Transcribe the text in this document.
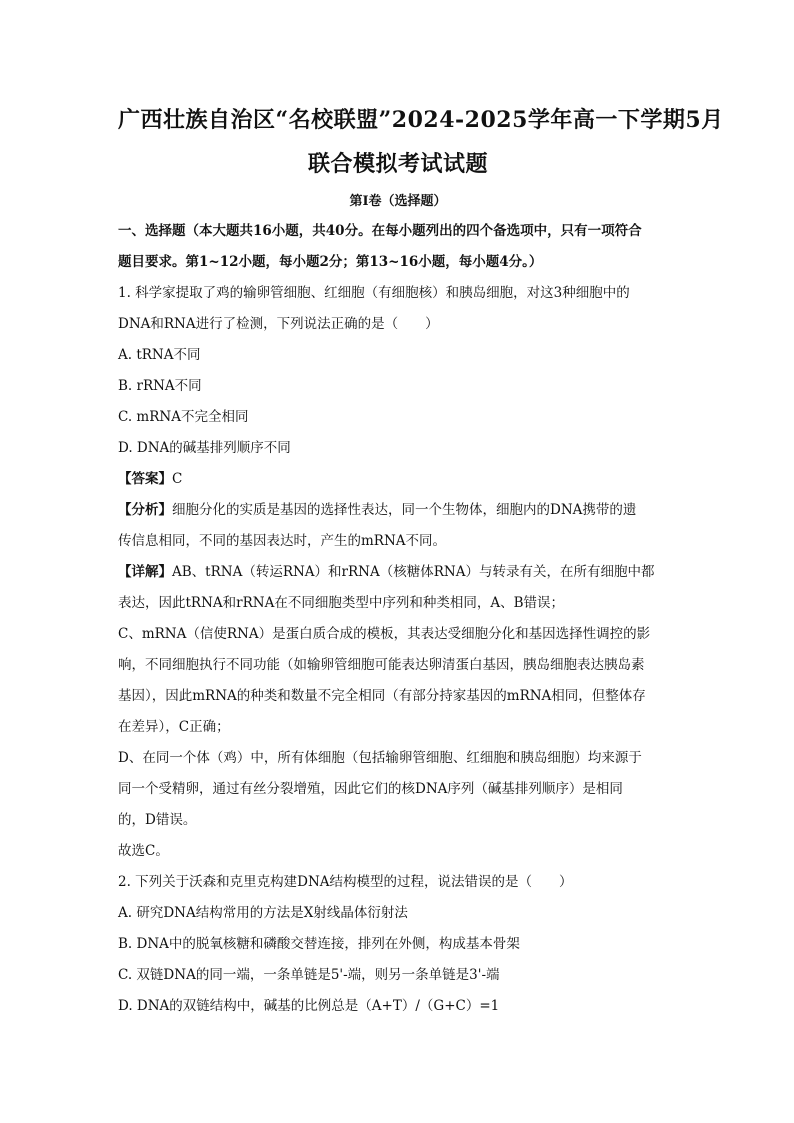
广西壮族自治区“名校联盟”2024-2025学年高一下学期5月
联合模拟考试试题
第Ⅰ卷（选择题）
一、选择题（本大题共16小题，共40分。在每小题列出的四个备选项中，只有一项符合
题目要求。第1~12小题，每小题2分；第13~16小题，每小题4分。）
1. 科学家提取了鸡的输卵管细胞、红细胞（有细胞核）和胰岛细胞，对这3种细胞中的
DNA和RNA进行了检测，下列说法正确的是（　　）
A. tRNA不同
B. rRNA不同
C. mRNA不完全相同
D. DNA的碱基排列顺序不同
【答案】C
【分析】细胞分化的实质是基因的选择性表达，同一个生物体，细胞内的DNA携带的遗
传信息相同，不同的基因表达时，产生的mRNA不同。
【详解】AB、tRNA（转运RNA）和rRNA（核糖体RNA）与转录有关，在所有细胞中都
表达，因此tRNA和rRNA在不同细胞类型中序列和种类相同，A、B错误；
C、mRNA（信使RNA）是蛋白质合成的模板，其表达受细胞分化和基因选择性调控的影
响，不同细胞执行不同功能（如输卵管细胞可能表达卵清蛋白基因，胰岛细胞表达胰岛素
基因），因此mRNA的种类和数量不完全相同（有部分持家基因的mRNA相同，但整体存
在差异），C正确；
D、在同一个体（鸡）中，所有体细胞（包括输卵管细胞、红细胞和胰岛细胞）均来源于
同一个受精卵，通过有丝分裂增殖，因此它们的核DNA序列（碱基排列顺序）是相同
的，D错误。
故选C。
2. 下列关于沃森和克里克构建DNA结构模型的过程，说法错误的是（　　）
A. 研究DNA结构常用的方法是X射线晶体衍射法
B. DNA中的脱氧核糖和磷酸交替连接，排列在外侧，构成基本骨架
C. 双链DNA的同一端，一条单链是5'-端，则另一条单链是3'-端
D. DNA的双链结构中，碱基的比例总是（A+T）/（G+C）=1
